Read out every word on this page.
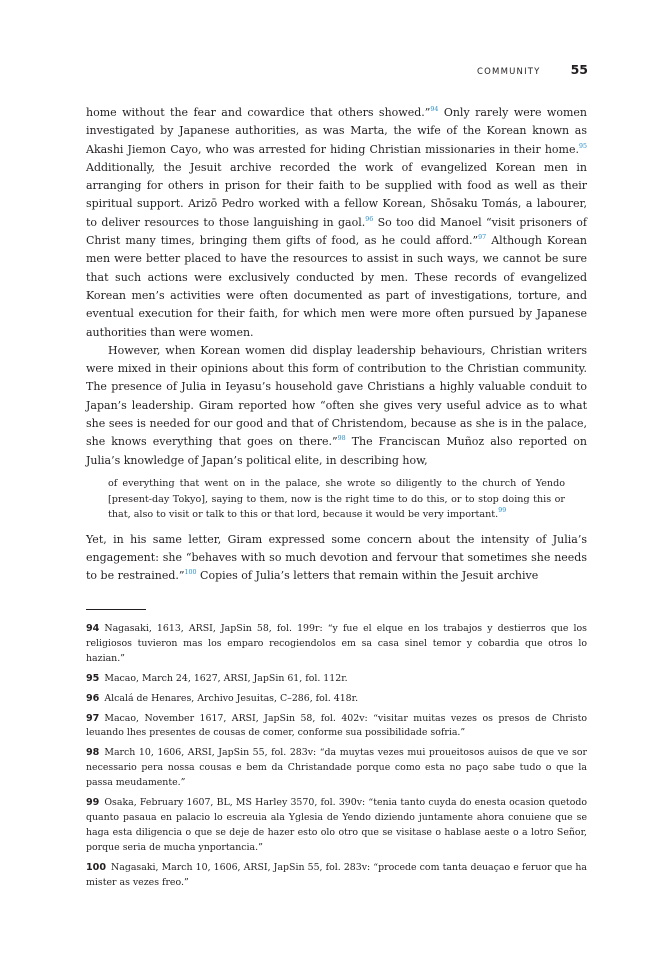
COMMUNITY 55

home without the fear and cowardice that others showed.”$^{94}$ Only rarely were women investigated by Japanese authorities, as was Marta, the wife of the Korean known as Akashi Jiemon Cayo, who was arrested for hiding Christian missionaries in their home.$^{95}$ Additionally, the Jesuit archive recorded the work of evangelized Korean men in arranging for others in prison for their faith to be supplied with food as well as their spiritual support. Arizō Pedro worked with a fellow Korean, Shōsaku Tomás, a labourer, to deliver resources to those languishing in gaol.$^{96}$ So too did Manoel “visit prisoners of Christ many times, bringing them gifts of food, as he could afford.”$^{97}$ Although Korean men were better placed to have the resources to assist in such ways, we cannot be sure that such actions were exclusively conducted by men. These records of evangelized Korean men’s activities were often documented as part of investigations, torture, and eventual execution for their faith, for which men were more often pursued by Japanese authorities than were women.

However, when Korean women did display leadership behaviours, Christian writers were mixed in their opinions about this form of contribution to the Christian community. The presence of Julia in Ieyasu’s household gave Christians a highly valuable conduit to Japan’s leadership. Giram reported how “often she gives very useful advice as to what she sees is needed for our good and that of Christendom, because as she is in the palace, she knows everything that goes on there.”$^{98}$ The Franciscan Muñoz also reported on Julia’s knowledge of Japan’s political elite, in describing how,

of everything that went on in the palace, she wrote so diligently to the church of Yendo [present-day Tokyo], saying to them, now is the right time to do this, or to stop doing this or that, also to visit or talk to this or that lord, because it would be very important.$^{99}$

Yet, in his same letter, Giram expressed some concern about the intensity of Julia’s engagement: she “behaves with so much devotion and fervour that sometimes she needs to be restrained.”$^{100}$ Copies of Julia’s letters that remain within the Jesuit archive

94 Nagasaki, 1613, ARSI, JapSin 58, fol. 199r: “y fue el elque en los trabajos y destierros que los religiosos tuvieron mas los emparo recogiendolos em sa casa sinel temor y cobardia que otros lo hazian.”

95 Macao, March 24, 1627, ARSI, JapSin 61, fol. 112r.

96 Alcalá de Henares, Archivo Jesuitas, C–286, fol. 418r.

97 Macao, November 1617, ARSI, JapSin 58, fol. 402v: “visitar muitas vezes os presos de Christo leuando lhes presentes de cousas de comer, conforme sua possibilidade sofria.”

98 March 10, 1606, ARSI, JapSin 55, fol. 283v: “da muytas vezes mui proueitosos auisos de que ve sor necessario pera nossa cousas e bem da Christandade porque como esta no paço sabe tudo o que la passa meudamente.”

99 Osaka, February 1607, BL, MS Harley 3570, fol. 390v: “tenia tanto cuyda do enesta ocasion quetodo quanto pasaua en palacio lo escreuia ala Yglesia de Yendo diziendo juntamente ahora conuiene que se haga esta diligencia o que se deje de hazer esto olo otro que se visitase o hablase aeste o a lotro Señor, porque seria de mucha ynportancia.”

100 Nagasaki, March 10, 1606, ARSI, JapSin 55, fol. 283v: “procede com tanta deuaçao e feruor que ha mister as vezes freo.”
